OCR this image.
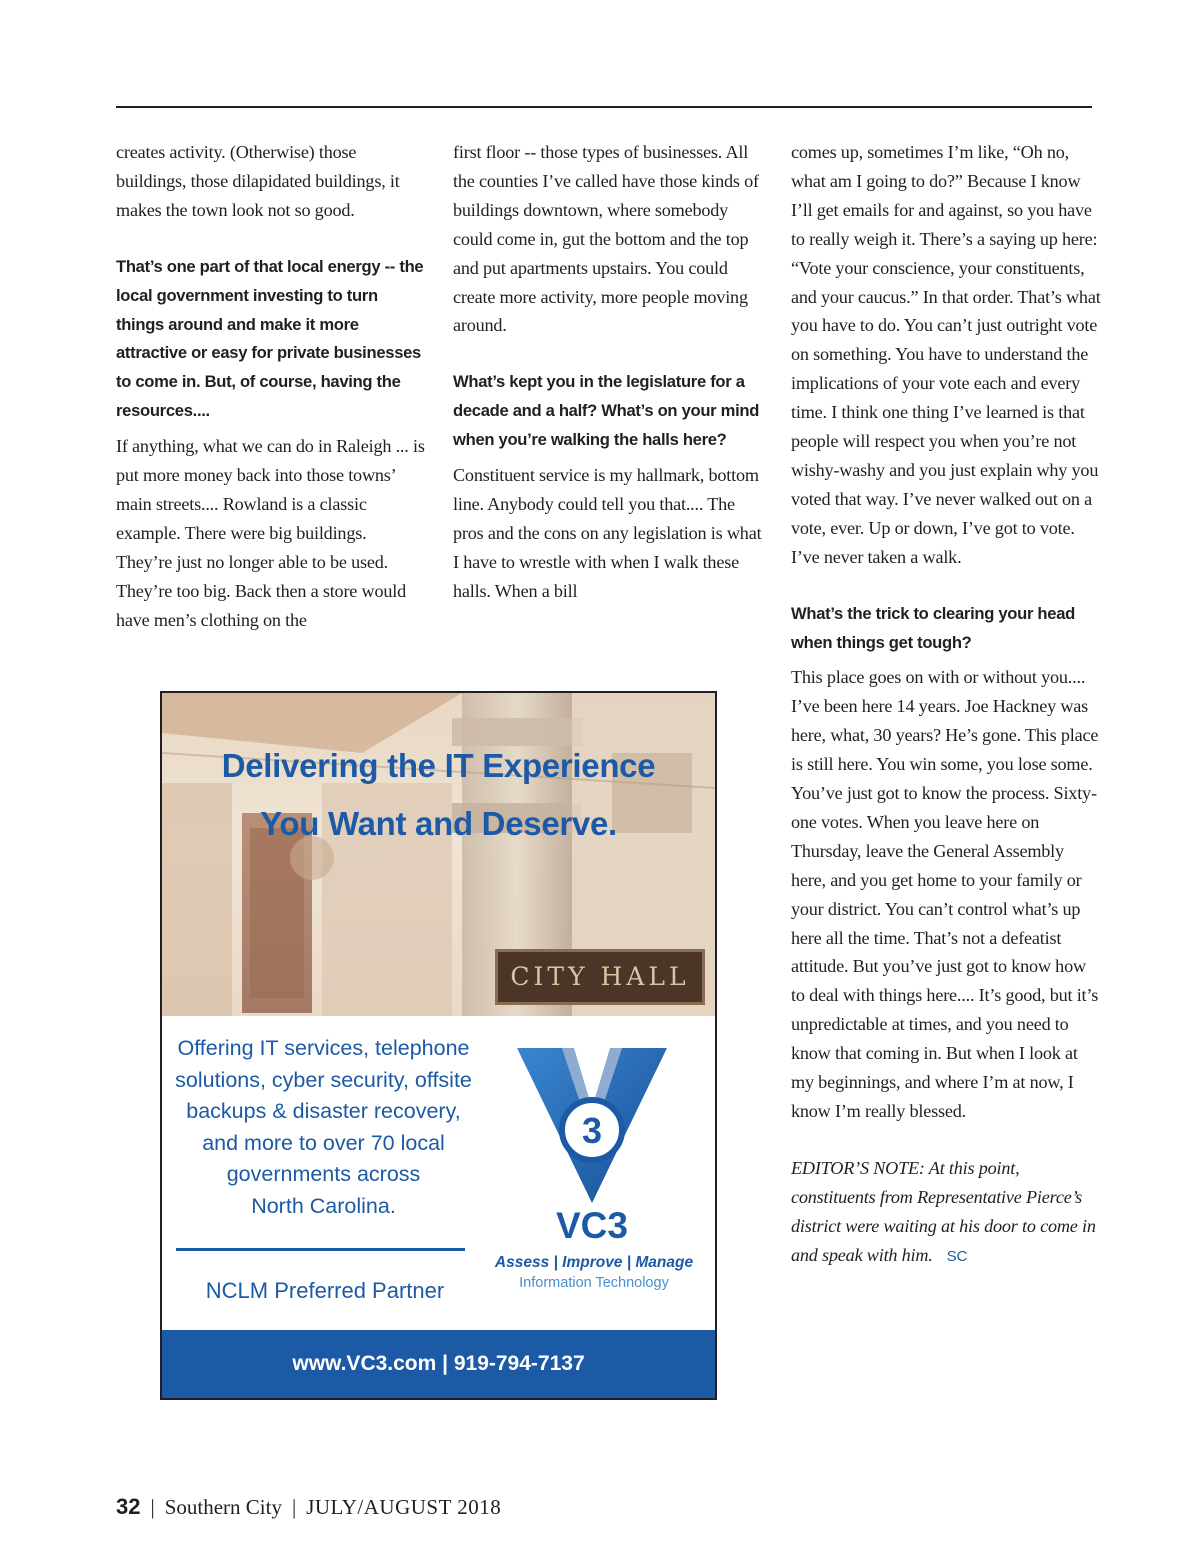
creates activity. (Otherwise) those buildings, those dilapidated buildings, it makes the town look not so good.

That’s one part of that local energy -- the local government investing to turn things around and make it more attractive or easy for private businesses to come in. But, of course, having the resources....

If anything, what we can do in Raleigh ... is put more money back into those towns’ main streets.... Rowland is a classic example. There were big buildings. They’re just no longer able to be used. They’re too big. Back then a store would have men’s clothing on the

first floor -- those types of businesses. All the counties I’ve called have those kinds of buildings downtown, where somebody could come in, gut the bottom and the top and put apartments upstairs. You could create more activity, more people moving around.

What’s kept you in the legislature for a decade and a half? What’s on your mind when you’re walking the halls here?

Constituent service is my hallmark, bottom line. Anybody could tell you that.... The pros and the cons on any legislation is what I have to wrestle with when I walk these halls. When a bill

comes up, sometimes I’m like, “Oh no, what am I going to do?” Because I know I’ll get emails for and against, so you have to really weigh it. There’s a saying up here: “Vote your conscience, your constituents, and your caucus.” In that order. That’s what you have to do. You can’t just outright vote on something. You have to understand the implications of your vote each and every time. I think one thing I’ve learned is that people will respect you when you’re not wishy-washy and you just explain why you voted that way. I’ve never walked out on a vote, ever. Up or down, I’ve got to vote. I’ve never taken a walk.

What’s the trick to clearing your head when things get tough?

This place goes on with or without you.... I’ve been here 14 years. Joe Hackney was here, what, 30 years? He’s gone. This place is still here. You win some, you lose some. You’ve just got to know the process. Sixty-one votes. When you leave here on Thursday, leave the General Assembly here, and you get home to your family or your district. You can’t control what’s up here all the time. That’s not a defeatist attitude. But you’ve just got to know how to deal with things here.... It’s good, but it’s unpredictable at times, and you need to know that coming in. But when I look at my beginnings, and where I’m at now, I know I’m really blessed.

EDITOR’S NOTE: At this point, constituents from Representative Pierce’s district were waiting at his door to come in and speak with him. SC

Delivering the IT Experience
You Want and Deserve.
CITY HALL
Offering IT services, telephone
solutions, cyber security, offsite
backups & disaster recovery,
and more to over 70 local
governments across
North Carolina.
NCLM Preferred Partner
3
VC3
Assess | Improve | Manage
Information Technology
www.VC3.com | 919-794-7137
32 | Southern City | JULY/AUGUST 2018
